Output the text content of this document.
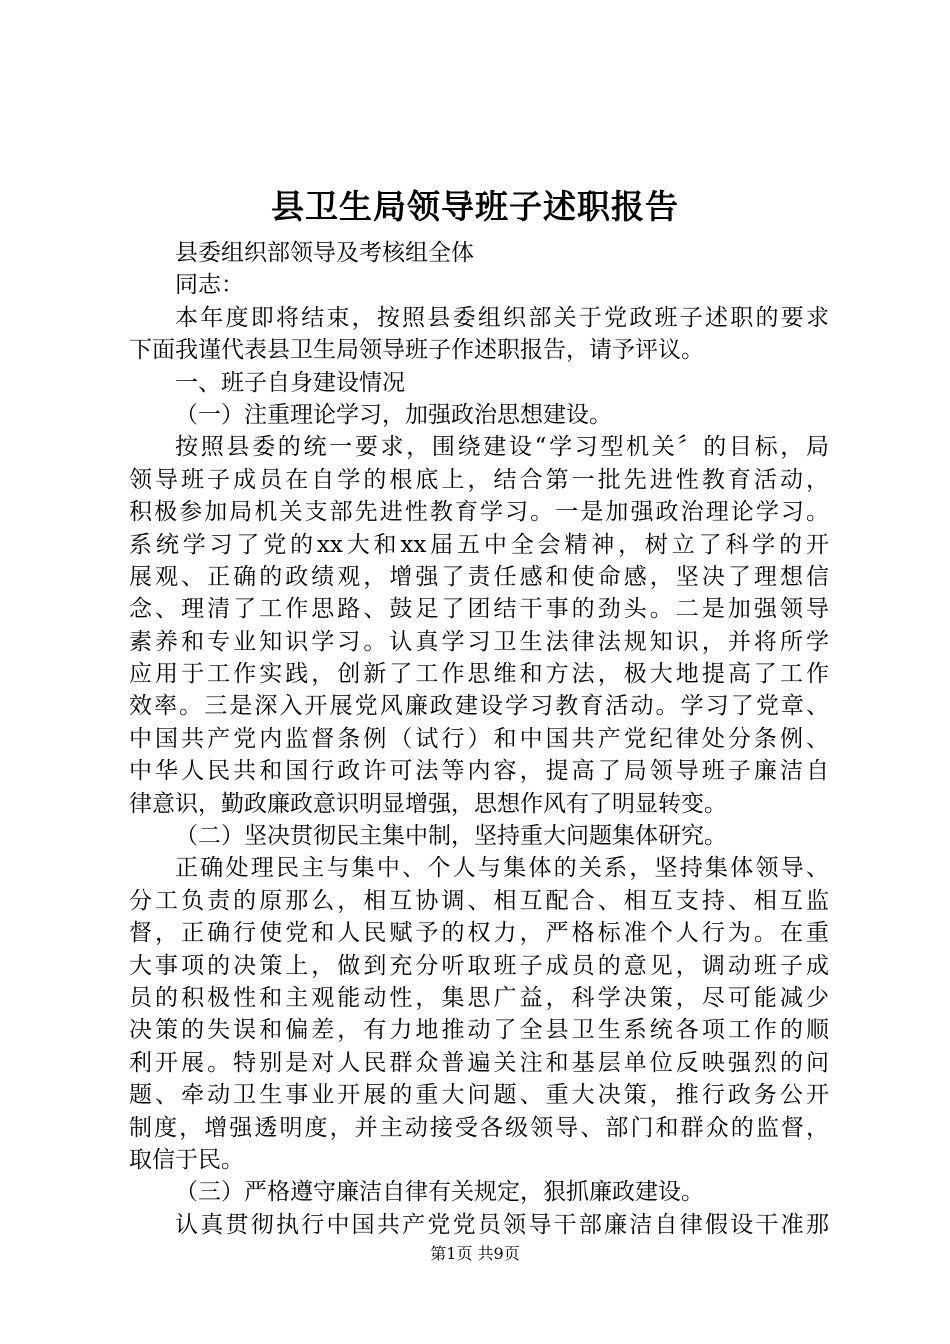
县卫生局领导班子述职报告
县委组织部领导及考核组全体
同志：
本年度即将结束，按照县委组织部关于党政班子述职的要求
下面我谨代表县卫生局领导班子作述职报告，请予评议。
一、班子自身建设情况
（一）注重理论学习，加强政治思想建设。
按照县委的统一要求，围绕建设“学习型机关〞的目标，局
领导班子成员在自学的根底上，结合第一批先进性教育活动，
积极参加局机关支部先进性教育学习。一是加强政治理论学习。
系统学习了党的xx大和xx届五中全会精神，树立了科学的开
展观、正确的政绩观，增强了责任感和使命感，坚决了理想信
念、理清了工作思路、鼓足了团结干事的劲头。二是加强领导
素养和专业知识学习。认真学习卫生法律法规知识，并将所学
应用于工作实践，创新了工作思维和方法，极大地提高了工作
效率。三是深入开展党风廉政建设学习教育活动。学习了党章、
中国共产党内监督条例（试行）和中国共产党纪律处分条例、
中华人民共和国行政许可法等内容，提高了局领导班子廉洁自
律意识，勤政廉政意识明显增强，思想作风有了明显转变。
（二）坚决贯彻民主集中制，坚持重大问题集体研究。
正确处理民主与集中、个人与集体的关系，坚持集体领导、
分工负责的原那么，相互协调、相互配合、相互支持、相互监
督，正确行使党和人民赋予的权力，严格标准个人行为。在重
大事项的决策上，做到充分听取班子成员的意见，调动班子成
员的积极性和主观能动性，集思广益，科学决策，尽可能减少
决策的失误和偏差，有力地推动了全县卫生系统各项工作的顺
利开展。特别是对人民群众普遍关注和基层单位反映强烈的问
题、牵动卫生事业开展的重大问题、重大决策，推行政务公开
制度，增强透明度，并主动接受各级领导、部门和群众的监督，
取信于民。
（三）严格遵守廉洁自律有关规定，狠抓廉政建设。
认真贯彻执行中国共产党党员领导干部廉洁自律假设干准那
第1页 共9页
